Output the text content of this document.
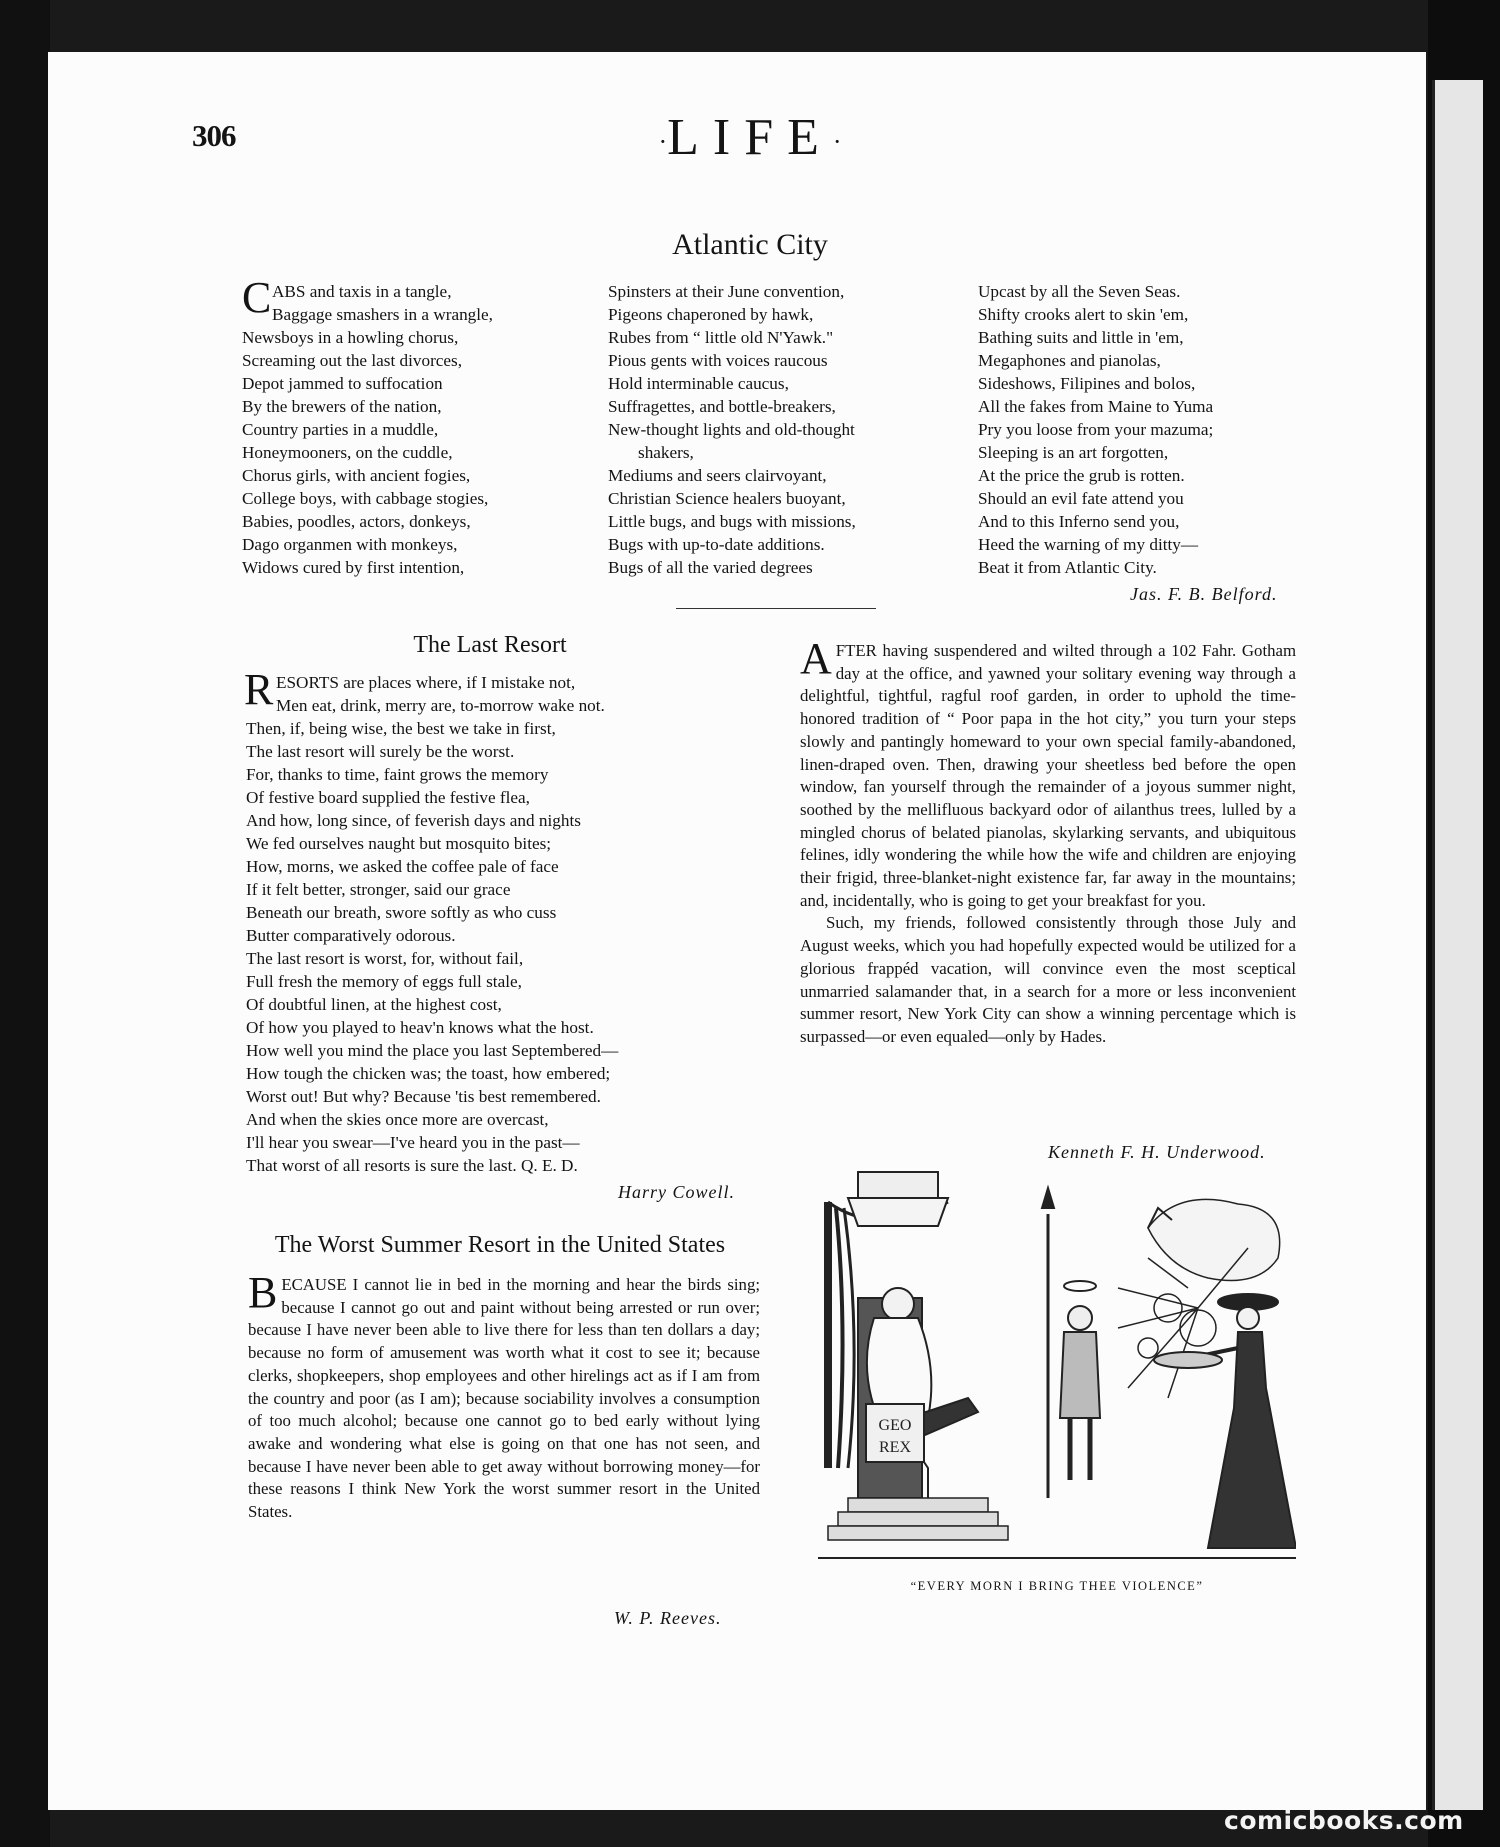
306	·LIFE·
Atlantic City
C ABS and taxis in a tangle,
Baggage smashers in a wrangle,
Newsboys in a howling chorus,
Screaming out the last divorces,
Depot jammed to suffocation
By the brewers of the nation,
Country parties in a muddle,
Honeymooners, on the cuddle,
Chorus girls, with ancient fogies,
College boys, with cabbage stogies,
Babies, poodles, actors, donkeys,
Dago organmen with monkeys,
Widows cured by first intention,
Spinsters at their June convention,
Pigeons chaperoned by hawk,
Rubes from “ little old N'Yawk."
Pious gents with voices raucous
Hold interminable caucus,
Suffragettes, and bottle-breakers,
New-thought lights and old-thought
shakers,
Mediums and seers clairvoyant,
Christian Science healers buoyant,
Little bugs, and bugs with missions,
Bugs with up-to-date additions.
Bugs of all the varied degrees
Upcast by all the Seven Seas.
Shifty crooks alert to skin 'em,
Bathing suits and little in 'em,
Megaphones and pianolas,
Sideshows, Filipines and bolos,
All the fakes from Maine to Yuma
Pry you loose from your mazuma;
Sleeping is an art forgotten,
At the price the grub is rotten.
Should an evil fate attend you
And to this Inferno send you,
Heed the warning of my ditty—
Beat it from Atlantic City.
Jas. F. B. Belford.
The Last Resort
R ESORTS are places where, if I mistake not,
Men eat, drink, merry are, to-morrow wake not.
Then, if, being wise, the best we take in first,
The last resort will surely be the worst.
For, thanks to time, faint grows the memory
Of festive board supplied the festive flea,
And how, long since, of feverish days and nights
We fed ourselves naught but mosquito bites;
How, morns, we asked the coffee pale of face
If it felt better, stronger, said our grace
Beneath our breath, swore softly as who cuss
Butter comparatively odorous.
The last resort is worst, for, without fail,
Full fresh the memory of eggs full stale,
Of doubtful linen, at the highest cost,
Of how you played to heav'n knows what the host.
How well you mind the place you last Septembered—
How tough the chicken was; the toast, how embered;
Worst out! But why? Because 'tis best remembered.
And when the skies once more are overcast,
I'll hear you swear—I've heard you in the past—
That worst of all resorts is sure the last. Q. E. D.
Harry Cowell.

AFTER having suspendered and wilted through a 102 Fahr. Gotham day at the office, and yawned your solitary evening way through a delightful, tightful, ragful roof garden, in order to uphold the time-honored tradition of “ Poor papa in the hot city,” you turn your steps slowly and pantingly homeward to your own special family-abandoned, linen-draped oven. Then, drawing your sheetless bed before the open window, fan yourself through the remainder of a joyous summer night, soothed by the mellifluous backyard odor of ailanthus trees, lulled by a mingled chorus of belated pianolas, skylarking servants, and ubiquitous felines, idly wondering the while how the wife and children are enjoying their frigid, three-blanket-night existence far, far away in the mountains; and, incidentally, who is going to get your breakfast for you.

Such, my friends, followed consistently through those July and August weeks, which you had hopefully expected would be utilized for a glorious frappéd vacation, will convince even the most sceptical unmarried salamander that, in a search for a more or less inconvenient summer resort, New York City can show a winning percentage which is surpassed—or even equaled—only by Hades.

Kenneth F. H. Underwood.
The Worst Summer Resort in the United States

BECAUSE I cannot lie in bed in the morning and hear the birds sing; because I cannot go out and paint without being arrested or run over; because I have never been able to live there for less than ten dollars a day; because no form of amusement was worth what it cost to see it; because clerks, shopkeepers, shop employees and other hirelings act as if I am from the country and poor (as I am); because sociability involves a consumption of too much alcohol; because one cannot go to bed early without lying awake and wondering what else is going on that one has not seen, and because I have never been able to get away without borrowing money—for these reasons I think New York the worst summer resort in the United States.

W. P. Reeves.
GEO
REX
“EVERY MORN I BRING THEE VIOLENCE”
comicbooks.com
